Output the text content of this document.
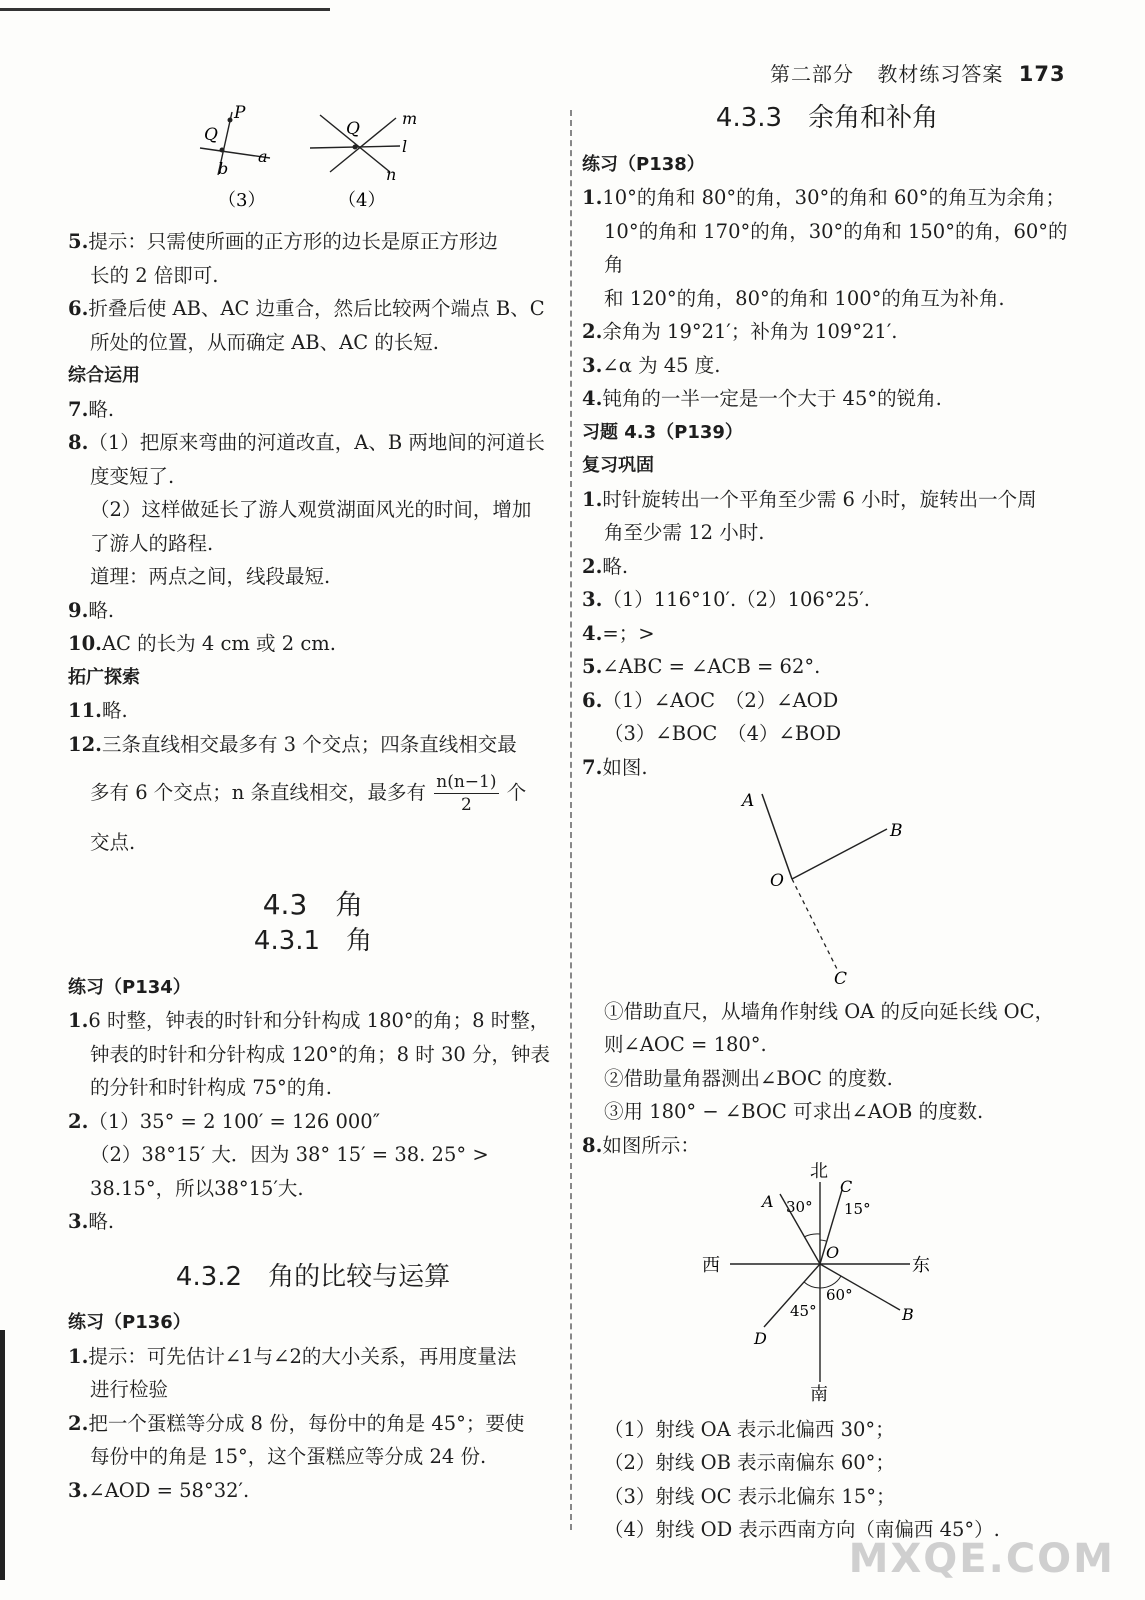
第二部分 教材练习答案 173
P
Q
a
b
（3）
Q
m
l
n
（4）

5.提示：只需使所画的正方形的边长是原正方形边

长的 2 倍即可.

6.折叠后使 AB、AC 边重合，然后比较两个端点 B、C

所处的位置，从而确定 AB、AC 的长短.

综合运用

7.略.

8.（1）把原来弯曲的河道改直，A、B 两地间的河道长

度变短了.

（2）这样做延长了游人观赏湖面风光的时间，增加

了游人的路程.

道理：两点之间，线段最短.

9.略.

10.AC 的长为 4 cm 或 2 cm.

拓广探索

11.略.

12.三条直线相交最多有 3 个交点；四条直线相交最

多有 6 个交点；n 条直线相交，最多有 $\frac{n(n-1)}{2}$ 个

交点.

4.3　角
4.3.1　角

练习（P134）

1.6 时整，钟表的时针和分针构成 180°的角；8 时整，

钟表的时针和分针构成 120°的角；8 时 30 分，钟表

的分针和时针构成 75°的角.

2.（1）35° = 2 100′ = 126 000″

（2）38°15′ 大．因为 38° 15′ = 38. 25° >

38.15°，所以38°15′大.

3.略.

4.3.2　角的比较与运算

练习（P136）

1.提示：可先估计∠1与∠2的大小关系，再用度量法

进行检验

2.把一个蛋糕等分成 8 份，每份中的角是 45°；要使

每份中的角是 15°，这个蛋糕应等分成 24 份.

3.∠AOD = 58°32′.

4.3.3　余角和补角

练习（P138）

1.10°的角和 80°的角，30°的角和 60°的角互为余角；

10°的角和 170°的角，30°的角和 150°的角，60°的角

和 120°的角，80°的角和 100°的角互为补角.

2.余角为 19°21′；补角为 109°21′.

3.∠α 为 45 度.

4.钝角的一半一定是一个大于 45°的锐角.

习题 4.3（P139）

复习巩固

1.时针旋转出一个平角至少需 6 小时，旋转出一个周

角至少需 12 小时.

2.略.

3.（1）116°10′.（2）106°25′.

4.=；>

5.∠ABC = ∠ACB = 62°.

6.（1）∠AOC　（2）∠AOD

（3）∠BOC　（4）∠BOD

7.如图.

A
B
O
C

①借助直尺，从墙角作射线 OA 的反向延长线 OC，

则∠AOC = 180°.

②借助量角器测出∠BOC 的度数.

③用 180° − ∠BOC 可求出∠AOB 的度数.

8.如图所示：

北
南
西	东
A
B
C
D
O
30° 15°
60°
45°

（1）射线 OA 表示北偏西 30°；

（2）射线 OB 表示南偏东 60°；

（3）射线 OC 表示北偏东 15°；

（4）射线 OD 表示西南方向（南偏西 45°）.

MXQE.COM
